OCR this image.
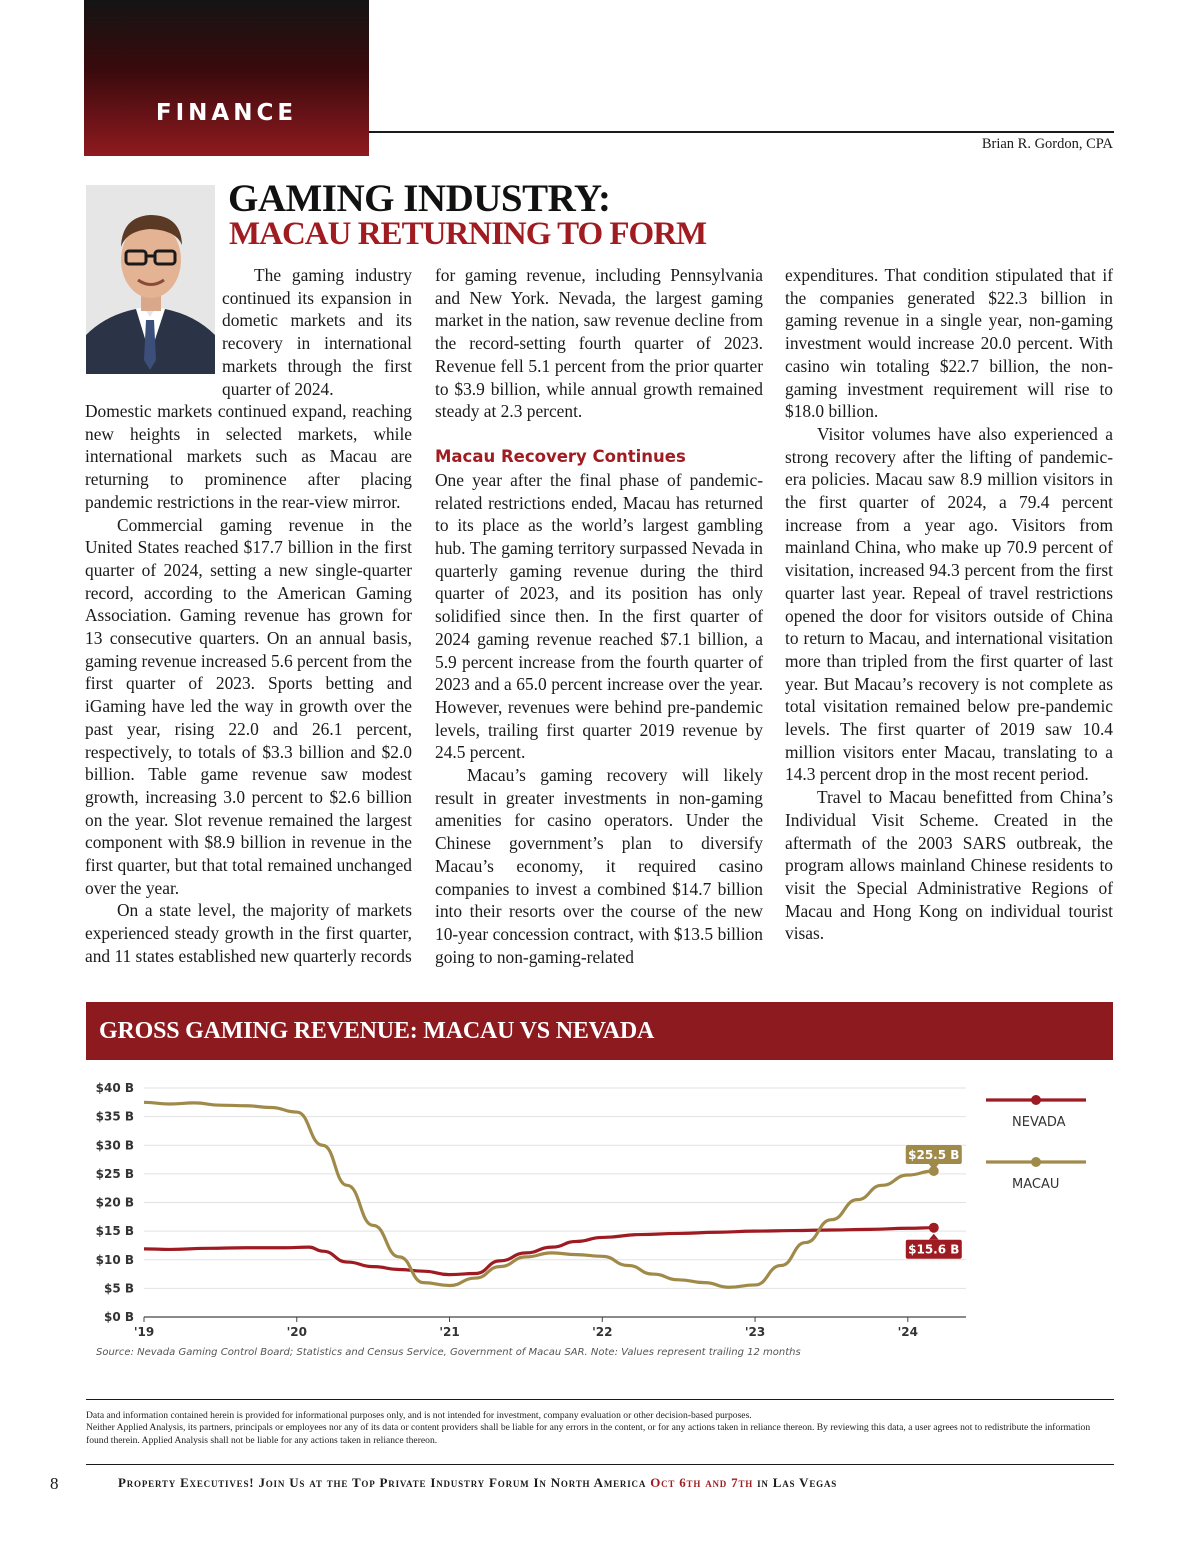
FINANCE
Brian R. Gordon, CPA
GAMING INDUSTRY:
MACAU RETURNING TO FORM

The gaming industry continued its expansion in dometic markets and its recovery in international markets through the first quarter of 2024.

Domestic markets continued expand, reaching new heights in selected markets, while international markets such as Macau are returning to prominence after placing pandemic restrictions in the rear-view mirror.

Commercial gaming revenue in the United States reached $17.7 billion in the first quarter of 2024, setting a new single-quarter record, according to the American Gaming Association. Gaming revenue has grown for 13 consecutive quarters. On an annual basis, gaming revenue increased 5.6 percent from the first quarter of 2023. Sports betting and iGaming have led the way in growth over the past year, rising 22.0 and 26.1 percent, respectively, to totals of $3.3 billion and $2.0 billion. Table game revenue saw modest growth, increasing 3.0 percent to $2.6 billion on the year. Slot revenue remained the largest component with $8.9 billion in revenue in the first quarter, but that total remained unchanged over the year.

On a state level, the majority of markets experienced steady growth in the first quarter, and 11 states established new quarterly records

for gaming revenue, including Pennsylvania and New York. Nevada, the largest gaming market in the nation, saw revenue decline from the record-setting fourth quarter of 2023. Revenue fell 5.1 percent from the prior quarter to $3.9 billion, while annual growth remained steady at 2.3 percent.

Macau Recovery Continues

One year after the final phase of pandemic-related restrictions ended, Macau has returned to its place as the world’s largest gambling hub. The gaming territory surpassed Nevada in quarterly gaming revenue during the third quarter of 2023, and its position has only solidified since then. In the first quarter of 2024 gaming revenue reached $7.1 billion, a 5.9 percent increase from the fourth quarter of 2023 and a 65.0 percent increase over the year. However, revenues were behind pre-pandemic levels, trailing first quarter 2019 revenue by 24.5 percent.

Macau’s gaming recovery will likely result in greater investments in non-gaming amenities for casino operators. Under the Chinese government’s plan to diversify Macau’s economy, it required casino companies to invest a combined $14.7 billion into their resorts over the course of the new 10-year concession contract, with $13.5 billion going to non-gaming-related

expenditures. That condition stipulated that if the companies generated $22.3 billion in gaming revenue in a single year, non-gaming investment would increase 20.0 percent. With casino win totaling $22.7 billion, the non-gaming investment requirement will rise to $18.0 billion.

Visitor volumes have also experienced a strong recovery after the lifting of pandemic-era policies. Macau saw 8.9 million visitors in the first quarter of 2024, a 79.4 percent increase from a year ago. Visitors from mainland China, who make up 70.9 percent of visitation, increased 94.3 percent from the first quarter last year. Repeal of travel restrictions opened the door for visitors outside of China to return to Macau, and international visitation more than tripled from the first quarter of last year. But Macau’s recovery is not complete as total visitation remained below pre-pandemic levels. The first quarter of 2019 saw 10.4 million visitors enter Macau, translating to a 14.3 percent drop in the most recent period.

Travel to Macau benefitted from China’s Individual Visit Scheme. Created in the aftermath of the 2003 SARS outbreak, the program allows mainland Chinese residents to visit the Special Administrative Regions of Macau and Hong Kong on individual tourist visas.

GROSS GAMING REVENUE: MACAU VS NEVADA
$0 B
$5 B
$10 B
$15 B
$20 B
$25 B
$30 B
$35 B
$40 B
'19	'20	'21	'22	'23	'24
$15.6 B
$25.5 B
NEVADA
MACAU
Source: Nevada Gaming Control Board; Statistics and Census Service, Government of Macau SAR. Note: Values represent trailing 12 months
Data and information contained herein is provided for informational purposes only, and is not intended for investment, company evaluation or other decision-based purposes.
Neither Applied Analysis, its partners, principals or employees nor any of its data or content providers shall be liable for any errors in the content, or for any actions taken in reliance thereon. By reviewing this data, a user agrees not to redistribute the information found therein. Applied Analysis shall not be liable for any actions taken in reliance thereon.
8	Property Executives! Join Us at the Top Private Industry Forum In North America Oct 6th and 7th in Las Vegas
